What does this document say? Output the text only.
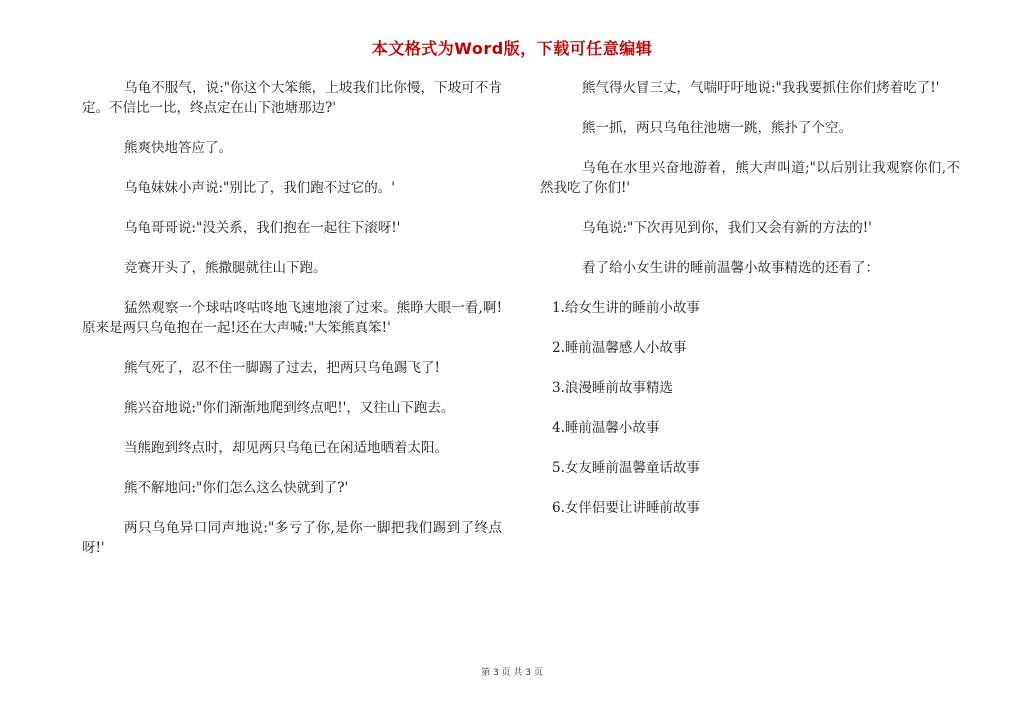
本文格式为Word版，下载可任意编辑

乌龟不服气，说:"你这个大笨熊，上坡我们比你慢，下坡可不肯定。不信比一比，终点定在山下池塘那边?'

熊爽快地答应了。

乌龟妹妹小声说:"别比了，我们跑不过它的。'

乌龟哥哥说:"没关系，我们抱在一起往下滚呀!'

竞赛开头了，熊撒腿就往山下跑。

猛然观察一个球咕咚咕咚地飞速地滚了过来。熊睁大眼一看,啊!原来是两只乌龟抱在一起!还在大声喊:"大笨熊真笨!'

熊气死了，忍不住一脚踢了过去，把两只乌龟踢飞了!

熊兴奋地说:"你们渐渐地爬到终点吧!'，又往山下跑去。

当熊跑到终点时，却见两只乌龟已在闲适地晒着太阳。

熊不解地问:"你们怎么这么快就到了?'

两只乌龟异口同声地说:"多亏了你,是你一脚把我们踢到了终点呀!'

熊气得火冒三丈，气喘吁吁地说:"我我要抓住你们烤着吃了!'

熊一抓，两只乌龟往池塘一跳，熊扑了个空。

乌龟在水里兴奋地游着，熊大声叫道;"以后别让我观察你们,不然我吃了你们!'

乌龟说:"下次再见到你，我们又会有新的方法的!'

看了给小女生讲的睡前温馨小故事精选的还看了：

1.给女生讲的睡前小故事
2.睡前温馨感人小故事
3.浪漫睡前故事精选
4.睡前温馨小故事
5.女友睡前温馨童话故事
6.女伴侣要让讲睡前故事
第 3 页 共 3 页
